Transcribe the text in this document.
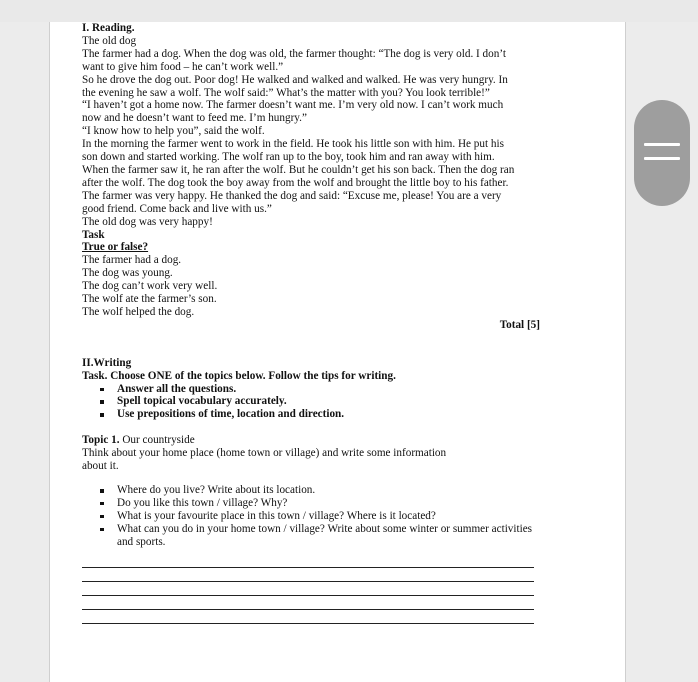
I. Reading.

The old dog

The farmer had a dog. When the dog was old, the farmer thought: “The dog is very old. I don’t

want to give him food – he can’t work well.”

So he drove the dog out. Poor dog! He walked and walked and walked. He was very hungry. In

the evening he saw a wolf. The wolf said:” What’s the matter with you? You look terrible!”

“I haven’t got a home now. The farmer doesn’t want me. I’m very old now. I can’t work much

now and he doesn’t want to feed me. I’m hungry.”

“I know how to help you”, said the wolf.

In the morning the farmer went to work in the field. He took his little son with him. He put his

son down and started working. The wolf ran up to the boy, took him and ran away with him.

When the farmer saw it, he ran after the wolf. But he couldn’t get his son back. Then the dog ran

after the wolf. The dog took the boy away from the wolf and brought the little boy to his father.

The farmer was very happy. He thanked the dog and said: “Excuse me, please! You are a very

good friend. Come back and live with us.”

The old dog was very happy!

Task

True or false?

The farmer had a dog.

The dog was young.

The dog can’t work very well.

The wolf ate the farmer’s son.

The wolf helped the dog.

Total [5]

II.Writing

Task. Choose ONE of the topics below. Follow the tips for writing.

Answer all the questions.
Spell topical vocabulary accurately.
Use prepositions of time, location and direction.

Topic 1. Our countryside

Think about your home place (home town or village) and write some information

about it.

Where do you live? Write about its location.
Do you like this town / village? Why?
What is your favourite place in this town / village? Where is it located?
What can you do in your home town / village? Write about some winter or summer activities and sports.
